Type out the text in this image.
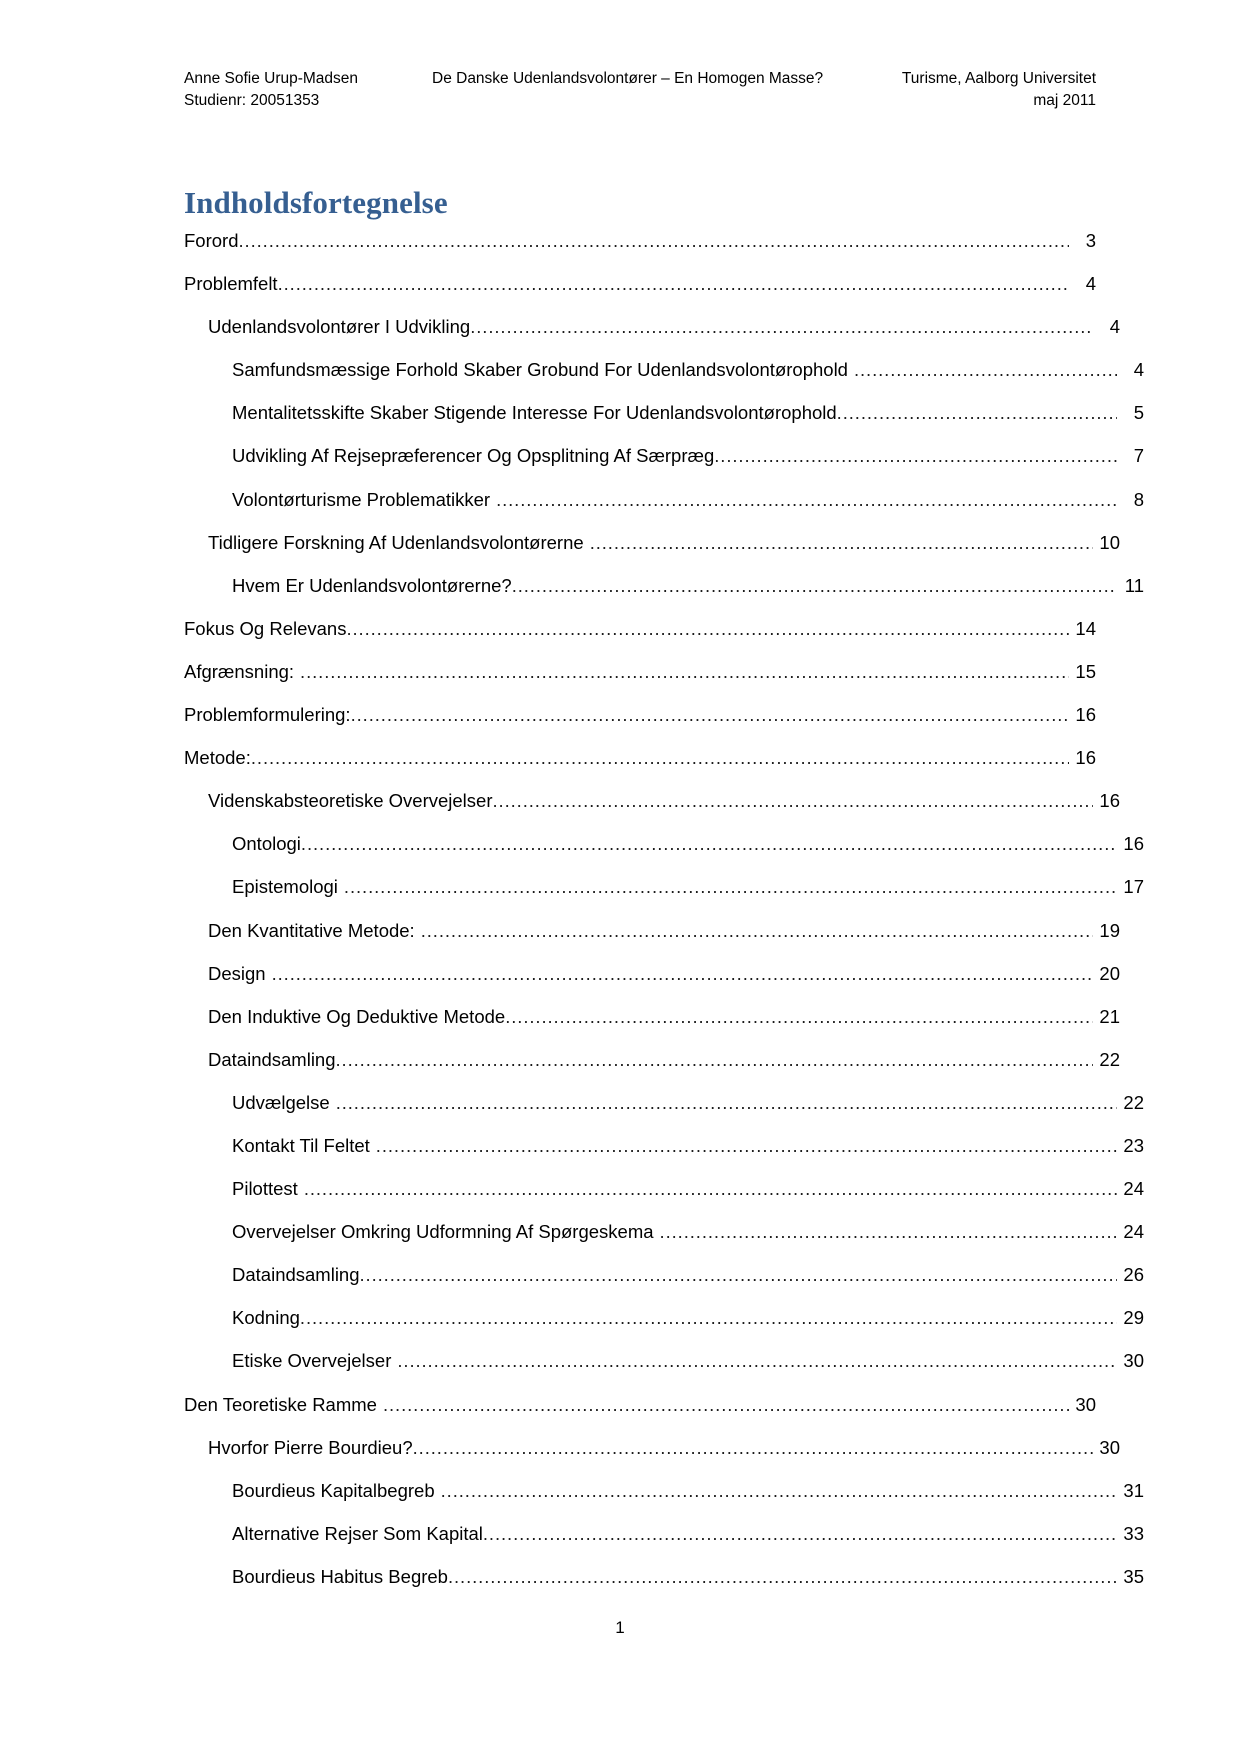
Anne Sofie Urup-Madsen	De Danske Udenlandsvolontører – En Homogen Masse?	Turisme, Aalborg Universitet
Studienr: 20051353	maj 2011
Indholdsfortegnelse
Forord .....	3
Problemfelt .....	4
Udenlandsvolontører I Udvikling .....	4
Samfundsmæssige Forhold Skaber Grobund For Udenlandsvolontørophold .....	4
Mentalitetsskifte Skaber Stigende Interesse For Udenlandsvolontørophold .....	5
Udvikling Af Rejsepræferencer Og Opsplitning Af Særpræg .....	7
Volontørturisme Problematikker .....	8
Tidligere Forskning Af Udenlandsvolontørerne .....	10
Hvem Er Udenlandsvolontørerne? .....	11
Fokus Og Relevans .....	14
Afgrænsning: .....	15
Problemformulering: .....	16
Metode: .....	16
Videnskabsteoretiske Overvejelser .....	16
Ontologi .....	16
Epistemologi .....	17
Den Kvantitative Metode: .....	19
Design .....	20
Den Induktive Og Deduktive Metode .....	21
Dataindsamling .....	22
Udvælgelse .....	22
Kontakt Til Feltet .....	23
Pilottest .....	24
Overvejelser Omkring Udformning Af Spørgeskema .....	24
Dataindsamling .....	26
Kodning .....	29
Etiske Overvejelser .....	30
Den Teoretiske Ramme .....	30
Hvorfor Pierre Bourdieu? .....	30
Bourdieus Kapitalbegreb .....	31
Alternative Rejser Som Kapital .....	33
Bourdieus Habitus Begreb .....	35
1
